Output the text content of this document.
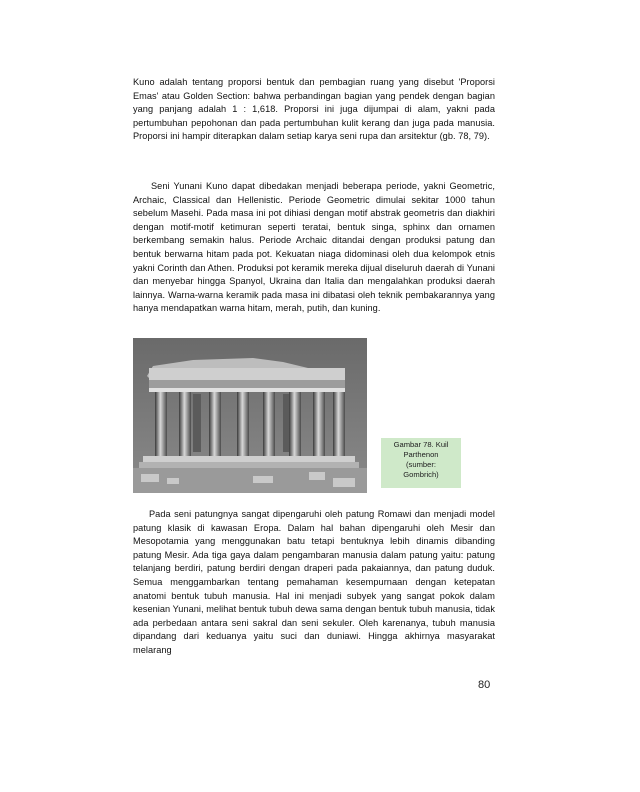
Kuno adalah tentang proporsi bentuk dan pembagian ruang yang disebut 'Proporsi Emas' atau Golden Section: bahwa perbandingan bagian yang pendek dengan bagian yang panjang adalah 1 : 1,618. Proporsi ini juga dijumpai di alam, yakni pada pertumbuhan pepohonan dan pada pertumbuhan kulit kerang dan juga pada manusia. Proporsi ini hampir diterapkan dalam setiap karya seni rupa dan arsitektur (gb. 78, 79).

Seni Yunani Kuno dapat dibedakan menjadi beberapa periode, yakni Geometric, Archaic, Classical dan Hellenistic. Periode Geometric dimulai sekitar 1000 tahun sebelum Masehi. Pada masa ini pot dihiasi dengan motif abstrak geometris dan diakhiri dengan motif-motif ketimuran seperti teratai, bentuk singa, sphinx dan ornamen berkembang semakin halus. Periode Archaic ditandai dengan produksi patung dan bentuk berwarna hitam pada pot. Kekuatan niaga didominasi oleh dua kelompok etnis yakni Corinth dan Athen. Produksi pot keramik mereka dijual diseluruh daerah di Yunani dan menyebar hingga Spanyol, Ukraina dan Italia dan mengalahkan produksi daerah lainnya. Warna-warna keramik pada masa ini dibatasi oleh teknik pembakarannya yang hanya mendapatkan warna hitam, merah, putih, dan kuning.

Gambar 78. Kuil
Parthenon
(sumber:
Gombrich)

Pada seni patungnya sangat dipengaruhi oleh patung Romawi dan menjadi model patung klasik di kawasan Eropa. Dalam hal bahan dipengaruhi oleh Mesir dan Mesopotamia yang menggunakan batu tetapi bentuknya lebih dinamis dibanding patung Mesir. Ada tiga gaya dalam pengambaran manusia dalam patung yaitu: patung telanjang berdiri, patung berdiri dengan draperi pada pakaiannya, dan patung duduk. Semua menggambarkan tentang pemahaman kesempurnaan dengan ketepatan anatomi bentuk tubuh manusia. Hal ini menjadi subyek yang sangat pokok dalam kesenian Yunani, melihat bentuk tubuh dewa sama dengan bentuk tubuh manusia, tidak ada perbedaan antara seni sakral dan seni sekuler. Oleh karenanya, tubuh manusia dipandang dari keduanya yaitu suci dan duniawi. Hingga akhirnya masyarakat melarang

80
